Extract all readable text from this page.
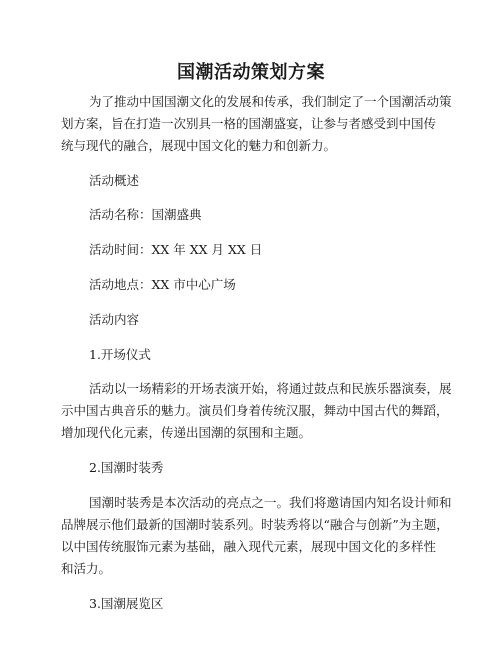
国潮活动策划方案
为了推动中国国潮文化的发展和传承，我们制定了一个国潮活动策
划方案，旨在打造一次别具一格的国潮盛宴，让参与者感受到中国传
统与现代的融合，展现中国文化的魅力和创新力。
活动概述
活动名称：国潮盛典
活动时间：XX 年 XX 月 XX 日
活动地点：XX 市中心广场
活动内容
1.开场仪式
活动以一场精彩的开场表演开始，将通过鼓点和民族乐器演奏，展
示中国古典音乐的魅力。演员们身着传统汉服，舞动中国古代的舞蹈，
增加现代化元素，传递出国潮的氛围和主题。
2.国潮时装秀
国潮时装秀是本次活动的亮点之一。我们将邀请国内知名设计师和
品牌展示他们最新的国潮时装系列。时装秀将以“融合与创新”为主题，
以中国传统服饰元素为基础，融入现代元素，展现中国文化的多样性
和活力。
3.国潮展览区
